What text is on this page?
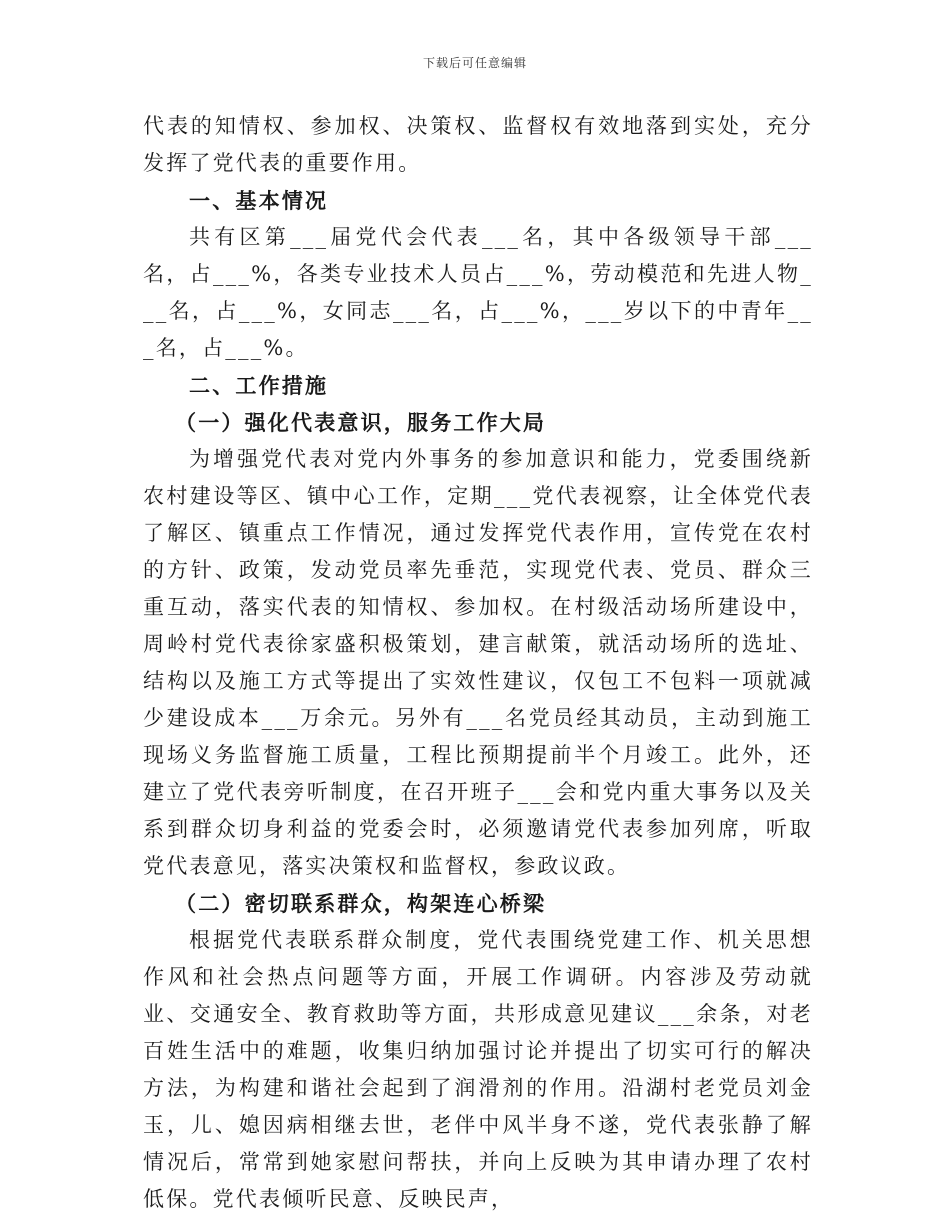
下载后可任意编辑

代表的知情权、参加权、决策权、监督权有效地落到实处，充分发挥了党代表的重要作用。

一、基本情况

共有区第___届党代会代表___名，其中各级领导干部___名，占___%，各类专业技术人员占___%，劳动模范和先进人物___名，占___%，女同志___名，占___%，___岁以下的中青年___名，占___%。

二、工作措施

（一）强化代表意识，服务工作大局

为增强党代表对党内外事务的参加意识和能力，党委围绕新农村建设等区、镇中心工作，定期___党代表视察，让全体党代表了解区、镇重点工作情况，通过发挥党代表作用，宣传党在农村的方针、政策，发动党员率先垂范，实现党代表、党员、群众三重互动，落实代表的知情权、参加权。在村级活动场所建设中，周岭村党代表徐家盛积极策划，建言献策，就活动场所的选址、结构以及施工方式等提出了实效性建议，仅包工不包料一项就减少建设成本___万余元。另外有___名党员经其动员，主动到施工现场义务监督施工质量，工程比预期提前半个月竣工。此外，还建立了党代表旁听制度，在召开班子___会和党内重大事务以及关系到群众切身利益的党委会时，必须邀请党代表参加列席，听取党代表意见，落实决策权和监督权，参政议政。

（二）密切联系群众，构架连心桥梁

根据党代表联系群众制度，党代表围绕党建工作、机关思想作风和社会热点问题等方面，开展工作调研。内容涉及劳动就业、交通安全、教育救助等方面，共形成意见建议___余条，对老百姓生活中的难题，收集归纳加强讨论并提出了切实可行的解决方法，为构建和谐社会起到了润滑剂的作用。沿湖村老党员刘金玉，儿、媳因病相继去世，老伴中风半身不遂，党代表张静了解情况后，常常到她家慰问帮扶，并向上反映为其申请办理了农村低保。党代表倾听民意、反映民声，
